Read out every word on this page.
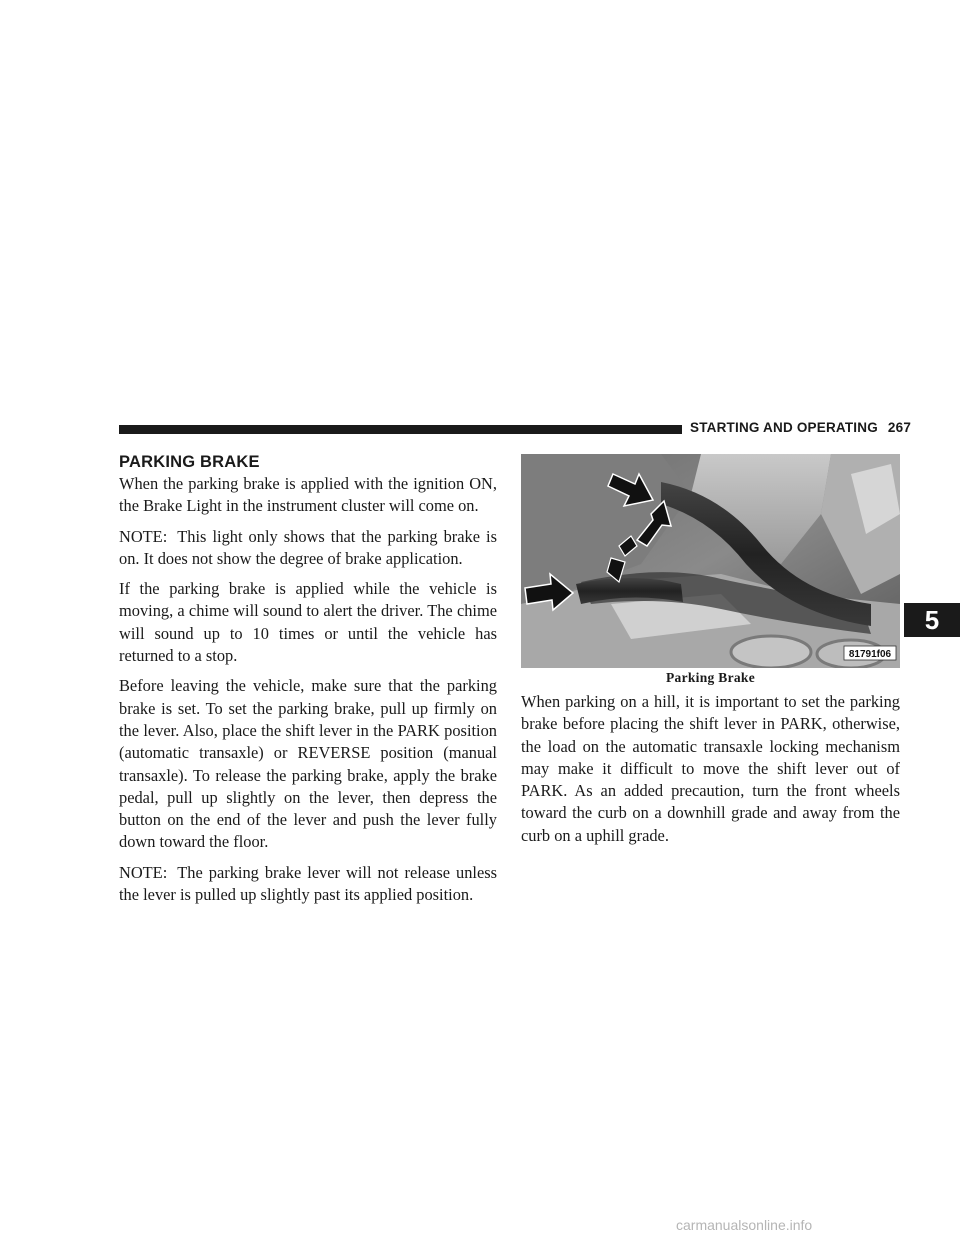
STARTING AND OPERATING 267
5
PARKING BRAKE

When the parking brake is applied with the ignition ON, the Brake Light in the instrument cluster will come on.

NOTE: This light only shows that the parking brake is on. It does not show the degree of brake application.

If the parking brake is applied while the vehicle is moving, a chime will sound to alert the driver. The chime will sound up to 10 times or until the vehicle has returned to a stop.

Before leaving the vehicle, make sure that the parking brake is set. To set the parking brake, pull up firmly on the lever. Also, place the shift lever in the PARK position (automatic transaxle) or REVERSE position (manual transaxle). To release the parking brake, apply the brake pedal, pull up slightly on the lever, then depress the button on the end of the lever and push the lever fully down toward the floor.

NOTE: The parking brake lever will not release unless the lever is pulled up slightly past its applied position.

81791f06
Parking Brake

When parking on a hill, it is important to set the parking brake before placing the shift lever in PARK, otherwise, the load on the automatic transaxle locking mechanism may make it difficult to move the shift lever out of PARK. As an added precaution, turn the front wheels toward the curb on a downhill grade and away from the curb on a uphill grade.

carmanualsonline.info
